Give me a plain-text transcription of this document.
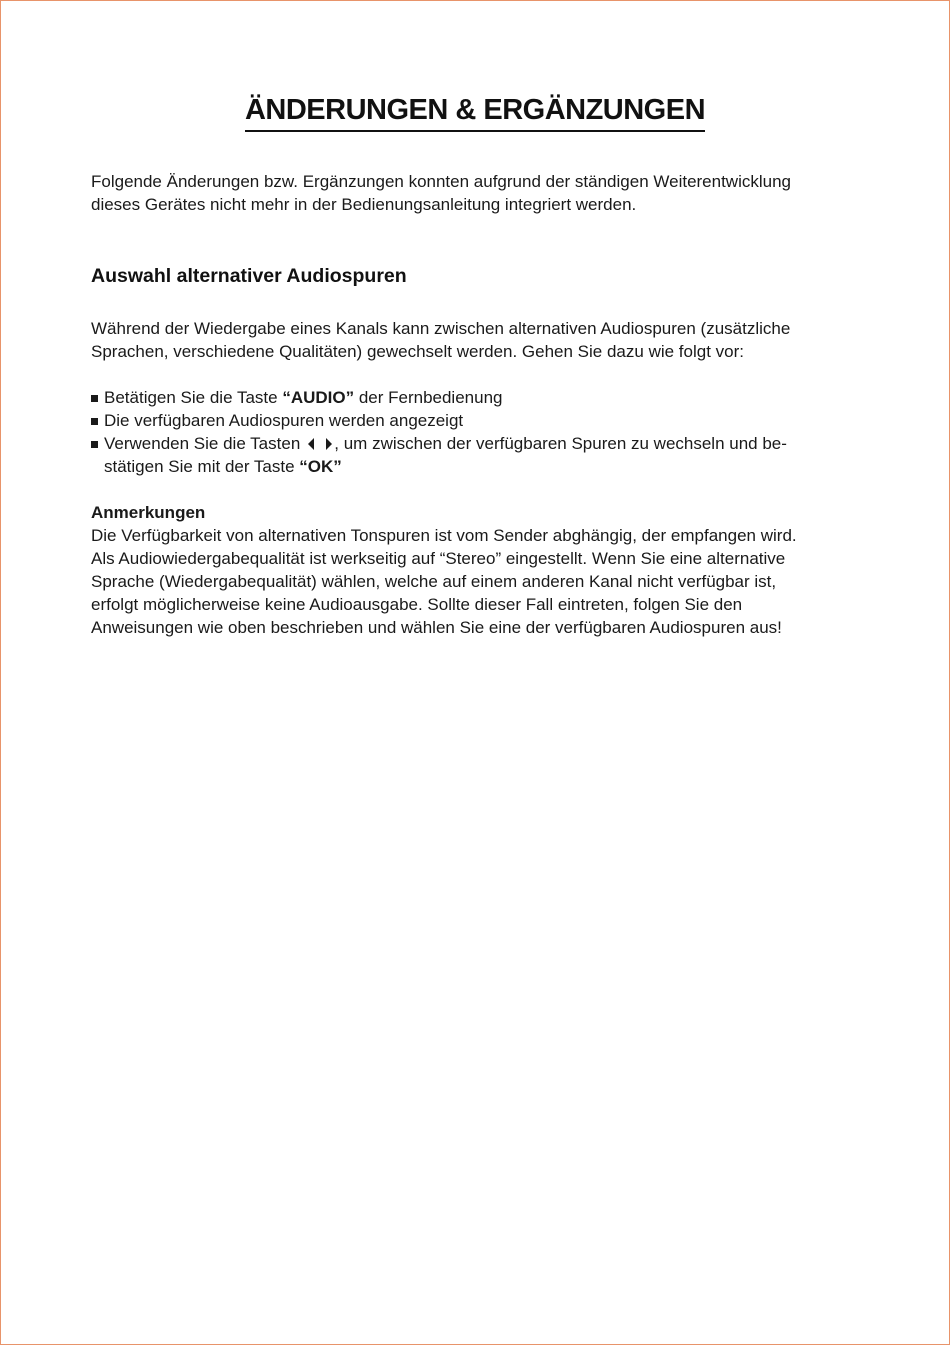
ÄNDERUNGEN & ERGÄNZUNGEN
Folgende Änderungen bzw. Ergänzungen konnten aufgrund der ständigen Weiterentwicklung
dieses Gerätes nicht mehr in der Bedienungsanleitung integriert werden.
Auswahl alternativer Audiospuren
Während der Wiedergabe eines Kanals kann zwischen alternativen Audiospuren (zusätzliche
Sprachen, verschiedene Qualitäten) gewechselt werden. Gehen Sie dazu wie folgt vor:
Betätigen Sie die Taste “AUDIO” der Fernbedienung
Die verfügbaren Audiospuren werden angezeigt
Verwenden Sie die Tasten , um zwischen der verfügbaren Spuren zu wechseln und be-
stätigen Sie mit der Taste “OK”
Anmerkungen
Die Verfügbarkeit von alternativen Tonspuren ist vom Sender abghängig, der empfangen wird.
Als Audiowiedergabequalität ist werkseitig auf “Stereo” eingestellt. Wenn Sie eine alternative
Sprache (Wiedergabequalität) wählen, welche auf einem anderen Kanal nicht verfügbar ist,
erfolgt möglicherweise keine Audioausgabe. Sollte dieser Fall eintreten, folgen Sie den
Anweisungen wie oben beschrieben und wählen Sie eine der verfügbaren Audiospuren aus!
